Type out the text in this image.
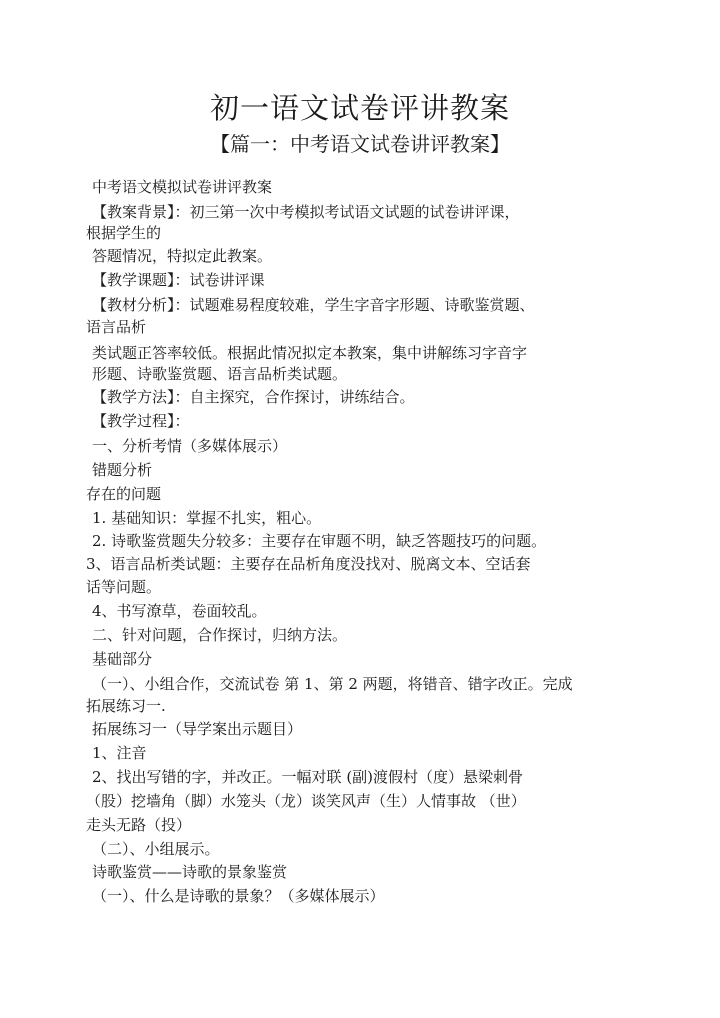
初一语文试卷评讲教案
【篇一：中考语文试卷讲评教案】
中考语文模拟试卷讲评教案
【教案背景】：初三第一次中考模拟考试语文试题的试卷讲评课，
根据学生的
答题情况，特拟定此教案。
【教学课题】：试卷讲评课
【教材分析】：试题难易程度较难，学生字音字形题、诗歌鉴赏题、
语言品析
类试题正答率较低。根据此情况拟定本教案，集中讲解练习字音字
形题、诗歌鉴赏题、语言品析类试题。
【教学方法】：自主探究，合作探讨，讲练结合。
【教学过程】：
一、分析考情（多媒体展示）
错题分析
存在的问题
1. 基础知识：掌握不扎实，粗心。
2. 诗歌鉴赏题失分较多：主要存在审题不明，缺乏答题技巧的问题。
3、语言品析类试题：主要存在品析角度没找对、脱离文本、空话套
话等问题。
4、书写潦草，卷面较乱。
二、针对问题，合作探讨，归纳方法。
基础部分
（一）、小组合作，交流试卷 第 1、第 2 两题，将错音、错字改正。完成
拓展练习一.
拓展练习一（导学案出示题目）
1、注音
2、找出写错的字，并改正。一幅对联 (副)渡假村（度）悬梁刺骨
（股）挖墙角（脚）水笼头（龙）谈笑风声（生）人情事故 （世）
走头无路（投）
（二）、小组展示。
诗歌鉴赏——诗歌的景象鉴赏
（一）、什么是诗歌的景象？（多媒体展示）
